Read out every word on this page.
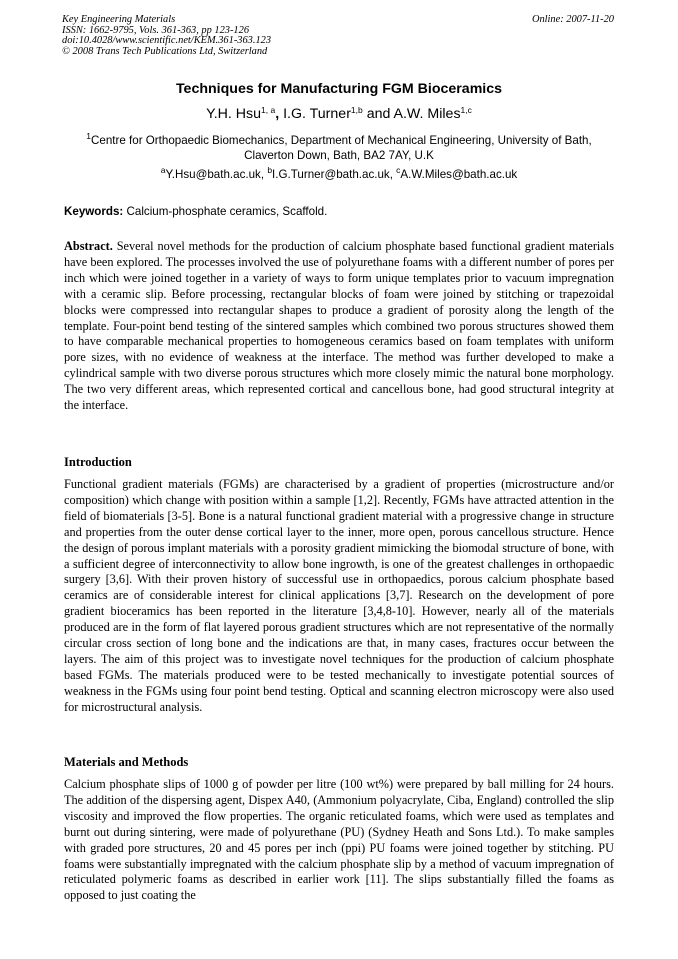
Key Engineering Materials
ISSN: 1662-9795, Vols. 361-363, pp 123-126
doi:10.4028/www.scientific.net/KEM.361-363.123
© 2008 Trans Tech Publications Ltd, Switzerland
Online: 2007-11-20
Techniques for Manufacturing FGM Bioceramics
Y.H. Hsu$^{1, a}$, I.G. Turner$^{1,b}$ and A.W. Miles$^{1,c}$
$^1$Centre for Orthopaedic Biomechanics, Department of Mechanical Engineering, University of Bath, Claverton Down, Bath, BA2 7AY, U.K
$^a$Y.Hsu@bath.ac.uk, $^b$I.G.Turner@bath.ac.uk, $^c$A.W.Miles@bath.ac.uk
Keywords: Calcium-phosphate ceramics, Scaffold.
Abstract. Several novel methods for the production of calcium phosphate based functional gradient materials have been explored. The processes involved the use of polyurethane foams with a different number of pores per inch which were joined together in a variety of ways to form unique templates prior to vacuum impregnation with a ceramic slip. Before processing, rectangular blocks of foam were joined by stitching or trapezoidal blocks were compressed into rectangular shapes to produce a gradient of porosity along the length of the template. Four-point bend testing of the sintered samples which combined two porous structures showed them to have comparable mechanical properties to homogeneous ceramics based on foam templates with uniform pore sizes, with no evidence of weakness at the interface. The method was further developed to make a cylindrical sample with two diverse porous structures which more closely mimic the natural bone morphology. The two very different areas, which represented cortical and cancellous bone, had good structural integrity at the interface.
Introduction
Functional gradient materials (FGMs) are characterised by a gradient of properties (microstructure and/or composition) which change with position within a sample [1,2]. Recently, FGMs have attracted attention in the field of biomaterials [3-5]. Bone is a natural functional gradient material with a progressive change in structure and properties from the outer dense cortical layer to the inner, more open, porous cancellous structure. Hence the design of porous implant materials with a porosity gradient mimicking the biomodal structure of bone, with a sufficient degree of interconnectivity to allow bone ingrowth, is one of the greatest challenges in orthopaedic surgery [3,6]. With their proven history of successful use in orthopaedics, porous calcium phosphate based ceramics are of considerable interest for clinical applications [3,7]. Research on the development of pore gradient bioceramics has been reported in the literature [3,4,8-10]. However, nearly all of the materials produced are in the form of flat layered porous gradient structures which are not representative of the normally circular cross section of long bone and the indications are that, in many cases, fractures occur between the layers. The aim of this project was to investigate novel techniques for the production of calcium phosphate based FGMs. The materials produced were to be tested mechanically to investigate potential sources of weakness in the FGMs using four point bend testing. Optical and scanning electron microscopy were also used for microstructural analysis.
Materials and Methods
Calcium phosphate slips of 1000 g of powder per litre (100 wt%) were prepared by ball milling for 24 hours. The addition of the dispersing agent, Dispex A40, (Ammonium polyacrylate, Ciba, England) controlled the slip viscosity and improved the flow properties. The organic reticulated foams, which were used as templates and burnt out during sintering, were made of polyurethane (PU) (Sydney Heath and Sons Ltd.). To make samples with graded pore structures, 20 and 45 pores per inch (ppi) PU foams were joined together by stitching. PU foams were substantially impregnated with the calcium phosphate slip by a method of vacuum impregnation of reticulated polymeric foams as described in earlier work [11]. The slips substantially filled the foams as opposed to just coating the
